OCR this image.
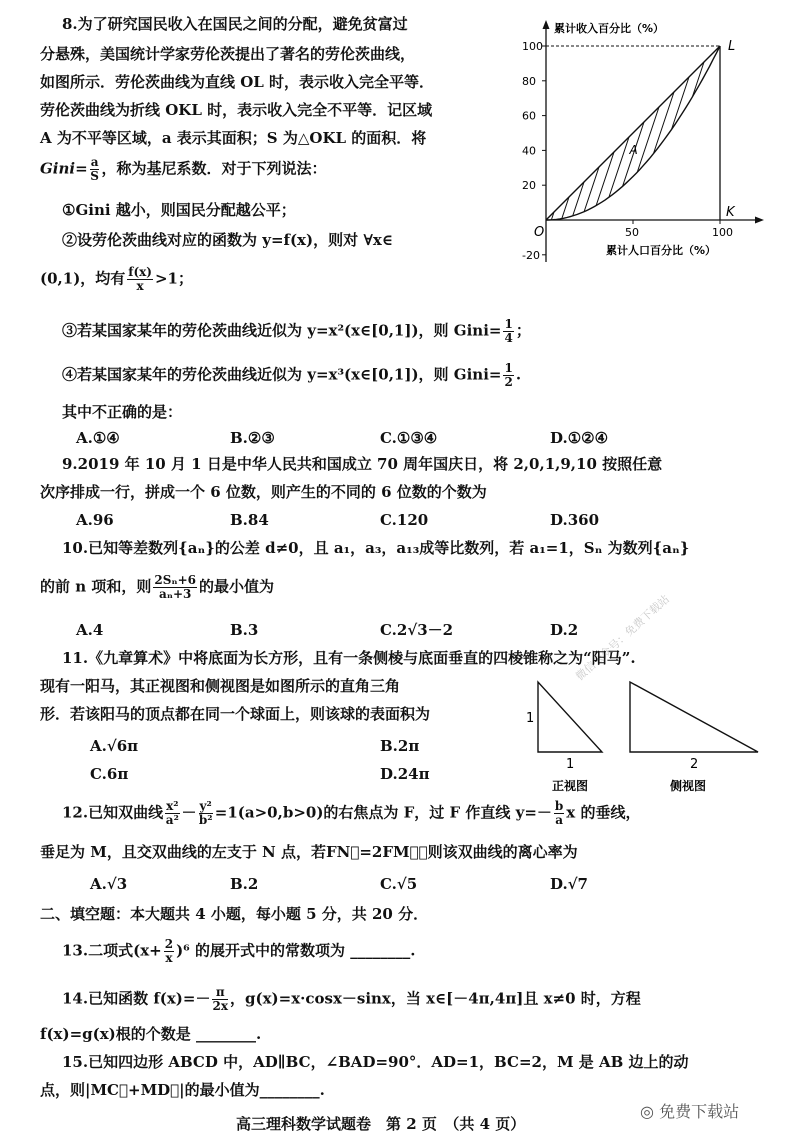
8.为了研究国民收入在国民之间的分配，避免贫富过
分悬殊，美国统计学家劳伦茨提出了著名的劳伦茨曲线，
如图所示．劳伦茨曲线为直线 OL 时，表示收入完全平等．
劳伦茨曲线为折线 OKL 时，表示收入完全不平等．记区域
A 为不平等区域，a 表示其面积；S 为△OKL 的面积．将
Gini= $\frac{a}{S}$ ，称为基尼系数．对于下列说法：
①Gini 越小，则国民分配越公平；
②设劳伦茨曲线对应的函数为 y=f(x)，则对 ∀x∈
(0,1)，均有 $\frac{f(x)}{x} >1$；
③若某国家某年的劳伦茨曲线近似为 y=x²(x∈[0,1])，则 Gini= $\frac{1}{4}$ ；
④若某国家某年的劳伦茨曲线近似为 y=x³(x∈[0,1])，则 Gini= $\frac{1}{2}$ .
其中不正确的是：
A.①④	B.②③	C.①③④	D.①②④
累计收入百分比（%）
累计人口百分比（%）
100
80
60
40
20
-20
50	100
O
K
L
A
9.2019 年 10 月 1 日是中华人民共和国成立 70 周年国庆日，将 2,0,1,9,10 按照任意
次序排成一行，拼成一个 6 位数，则产生的不同的 6 位数的个数为
A.96	B.84	C.120	D.360
10.已知等差数列{aₙ}的公差 d≠0，且 a₁，a₃，a₁₃成等比数列，若 a₁=1，Sₙ 为数列{aₙ}
的前 n 项和，则 $\frac{\text{2Sₙ+6}}{\text{aₙ+3}}$ 的最小值为
A.4	B.3	C.2√3－2	D.2
微信公众号：免费下载站
11.《九章算术》中将底面为长方形，且有一条侧棱与底面垂直的四棱锥称之为“阳马”.
现有一阳马，其正视图和侧视图是如图所示的直角三角
形．若该阳马的顶点都在同一个球面上，则该球的表面积为
A.√6π	B.2π
C.6π	D.24π
1
1	2
正视图	侧视图
12.已知双曲线 $\frac{\text{x²}}{\text{a²}} - \frac{\text{y²}}{\text{b²}} =1(a>0,b>0)$的右焦点为 F，过 F 作直线 $y=- \frac{b}{a}$ x 的垂线，
垂足为 M，且交双曲线的左支于 N 点，若FN⃗=2FM⃗，则该双曲线的离心率为
A.√3	B.2	C.√5	D.√7
二、填空题：本大题共 4 小题，每小题 5 分，共 20 分．
13.二项式$(x+ \frac{2}{x} )^6$ 的展开式中的常数项为 ________.
14.已知函数 $f(x)=- \frac{\pi}{2x}$ ，g(x)=x·cosx－sinx，当 x∈[－4π,4π]且 x≠0 时，方程
f(x)=g(x)根的个数是 ________.
15.已知四边形 ABCD 中，AD∥BC，∠BAD=90°．AD=1，BC=2，M 是 AB 边上的动
点，则|MC⃗+MD⃗|的最小值为________.
高三理科数学试题卷　第 2 页　（共 4 页）
◎ 免费下载站
